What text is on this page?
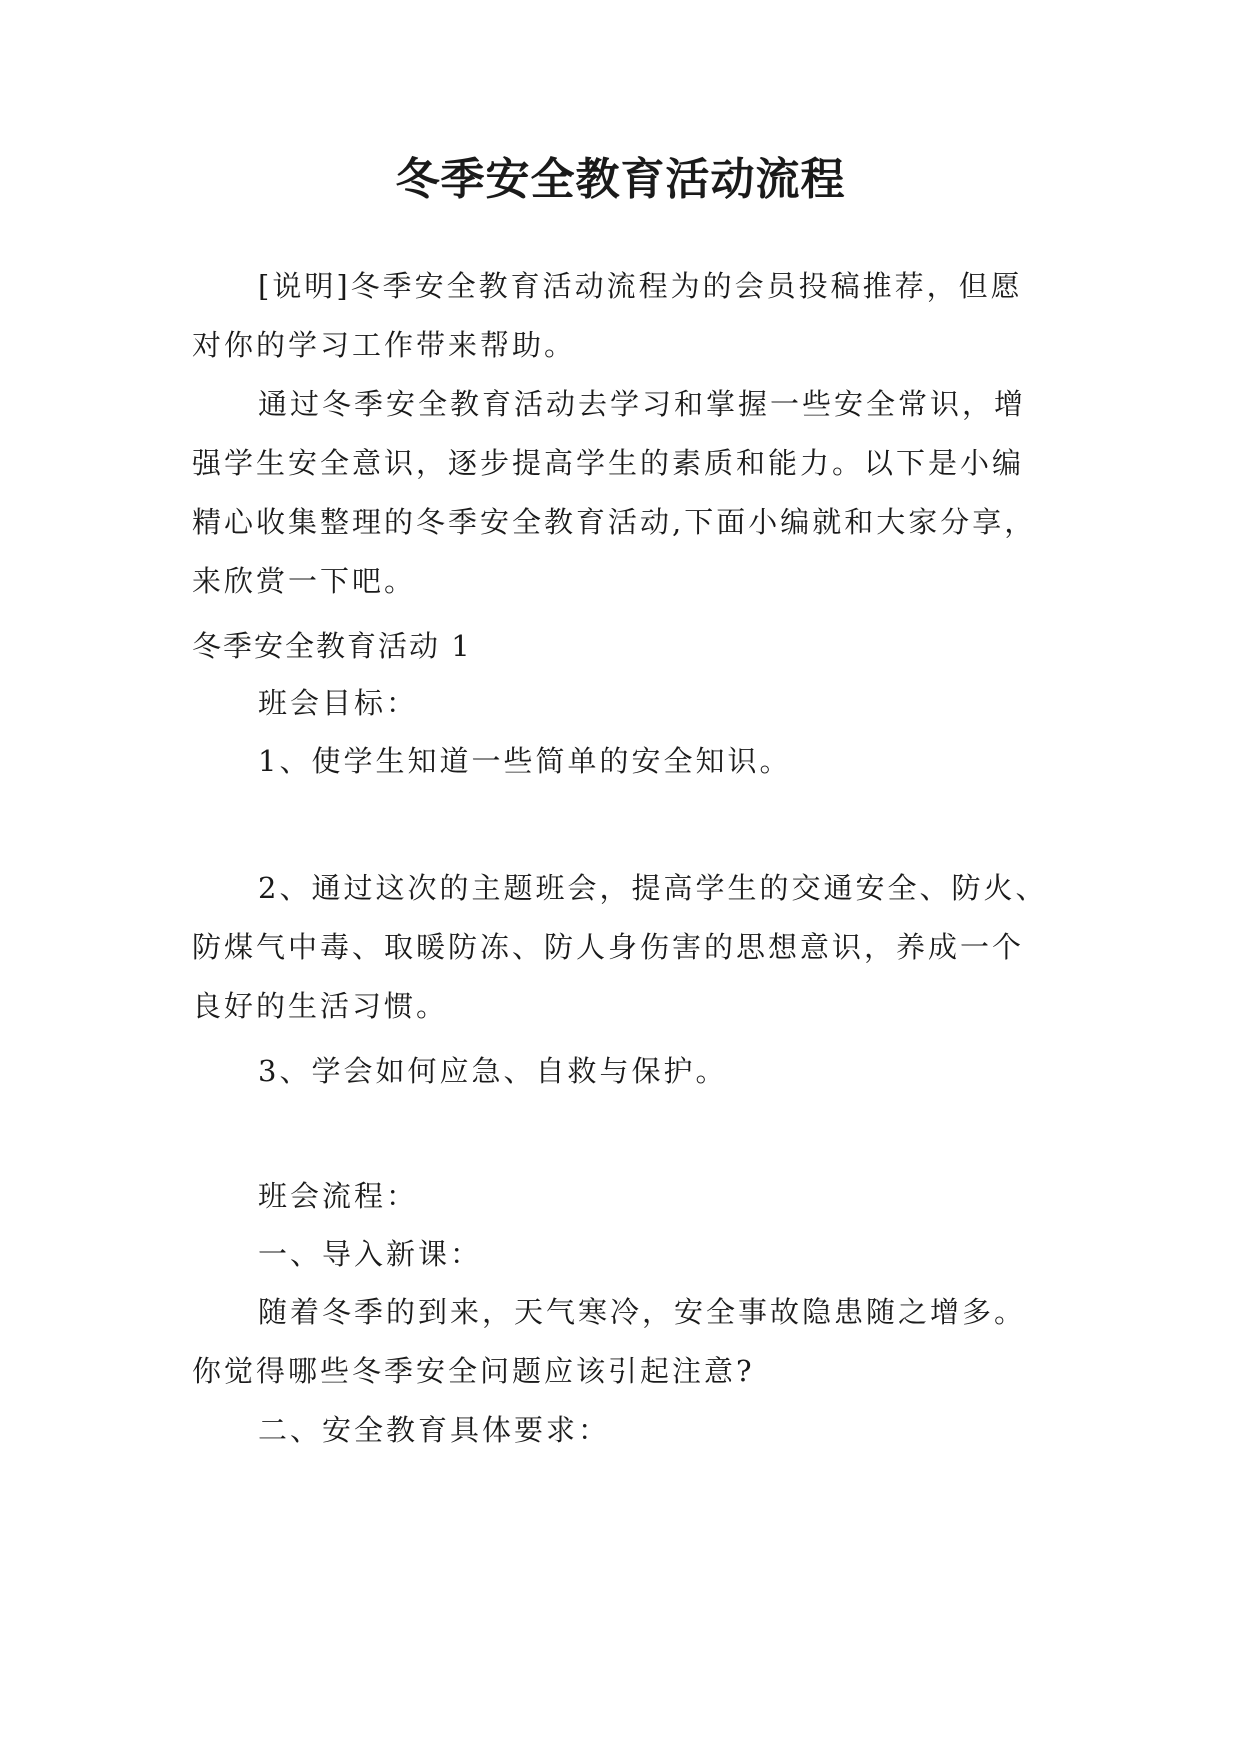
冬季安全教育活动流程
[说明]冬季安全教育活动流程为的会员投稿推荐，但愿
对你的学习工作带来帮助。
通过冬季安全教育活动去学习和掌握一些安全常识，增
强学生安全意识，逐步提高学生的素质和能力。以下是小编
精心收集整理的冬季安全教育活动,下面小编就和大家分享，
来欣赏一下吧。
冬季安全教育活动 1
班会目标：
1、使学生知道一些简单的安全知识。
2、通过这次的主题班会，提高学生的交通安全、防火、
防煤气中毒、取暖防冻、防人身伤害的思想意识，养成一个
良好的生活习惯。
3、学会如何应急、自救与保护。
班会流程：
一、导入新课：
随着冬季的到来，天气寒冷，安全事故隐患随之增多。
你觉得哪些冬季安全问题应该引起注意?
二、安全教育具体要求：
